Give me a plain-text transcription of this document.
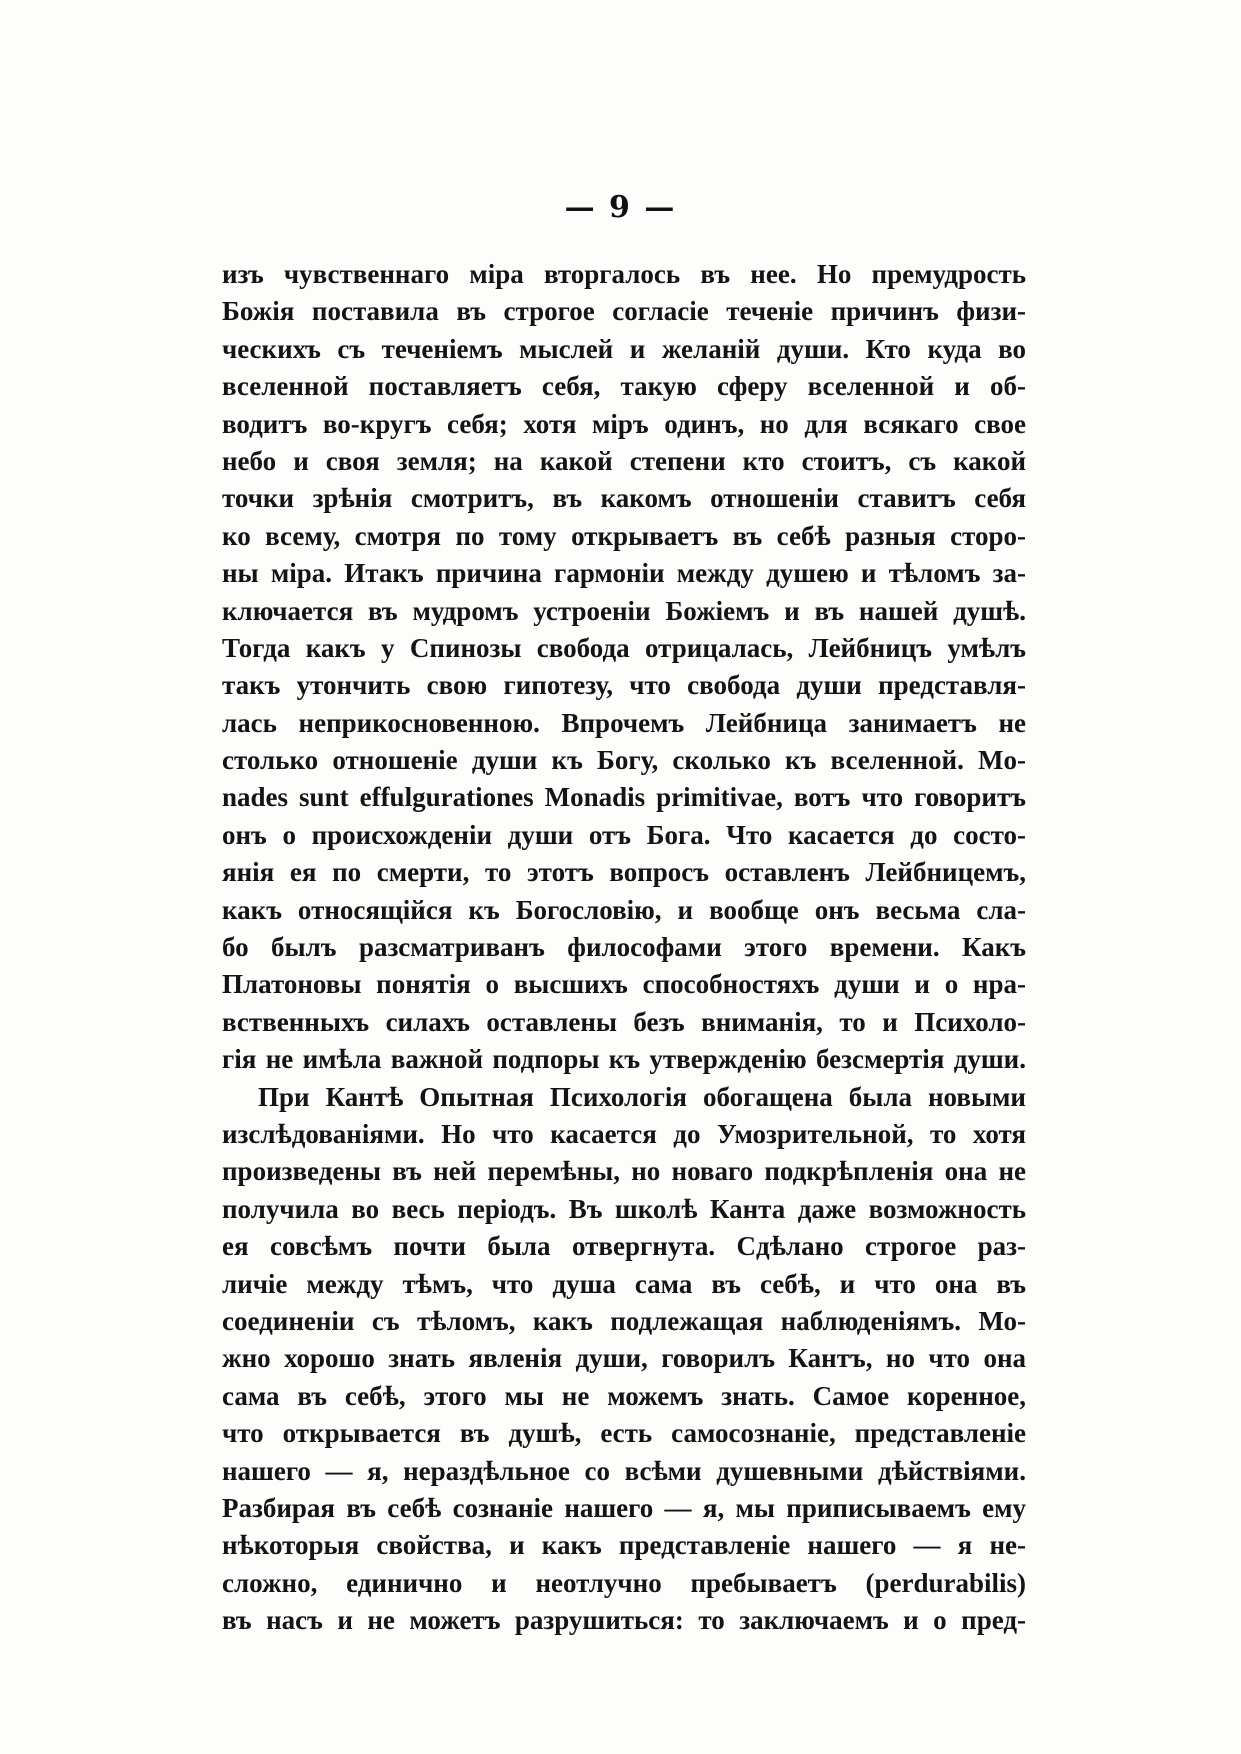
— 9 —
изъ чувственнаго міра вторгалось въ нее. Но премудрость
Божія поставила въ строгое согласіе теченіе причинъ физи-
ческихъ съ теченіемъ мыслей и желаній души. Кто куда во
вселенной поставляетъ себя, такую сферу вселенной и об-
водитъ во-кругъ себя; хотя міръ одинъ, но для всякаго свое
небо и своя земля; на какой степени кто стоитъ, съ какой
точки зрѣнія смотритъ, въ какомъ отношеніи ставитъ себя
ко всему, смотря по тому открываетъ въ себѣ разныя сторо-
ны міра. Итакъ причина гармоніи между душею и тѣломъ за-
ключается въ мудромъ устроеніи Божіемъ и въ нашей душѣ.
Тогда какъ у Спинозы свобода отрицалась, Лейбницъ умѣлъ
такъ утончить свою гипотезу, что свобода души представля-
лась неприкосновенною. Впрочемъ Лейбница занимаетъ не
столько отношеніе души къ Богу, сколько къ вселенной. Mo-
nades sunt effulgurationes Monadis primitivae, вотъ что говоритъ
онъ о происхожденіи души отъ Бога. Что касается до состо-
янія ея по смерти, то этотъ вопросъ оставленъ Лейбницемъ,
какъ относящійся къ Богословію, и вообще онъ весьма сла-
бо былъ разсматриванъ философами этого времени. Какъ
Платоновы понятія о высшихъ способностяхъ души и о нра-
вственныхъ силахъ оставлены безъ вниманія, то и Психоло-
гія не имѣла важной подпоры къ утвержденію безсмертія души.
При Кантѣ Опытная Психологія обогащена была новыми
изслѣдованіями. Но что касается до Умозрительной, то хотя
произведены въ ней перемѣны, но новаго подкрѣпленія она не
получила во весь періодъ. Въ школѣ Канта даже возможность
ея совсѣмъ почти была отвергнута. Сдѣлано строгое раз-
личіе между тѣмъ, что душа сама въ себѣ, и что она въ
соединеніи съ тѣломъ, какъ подлежащая наблюденіямъ. Мо-
жно хорошо знать явленія души, говорилъ Кантъ, но что она
сама въ себѣ, этого мы не можемъ знать. Самое коренное,
что открывается въ душѣ, есть самосознаніе, представленіе
нашего — я, нераздѣльное со всѣми душевными дѣйствіями.
Разбирая въ себѣ сознаніе нашего — я, мы приписываемъ ему
нѣкоторыя свойства, и какъ представленіе нашего — я не-
сложно, единично и неотлучно пребываетъ (perdurabilis)
въ насъ и не можетъ разрушиться: то заключаемъ и о пред-
